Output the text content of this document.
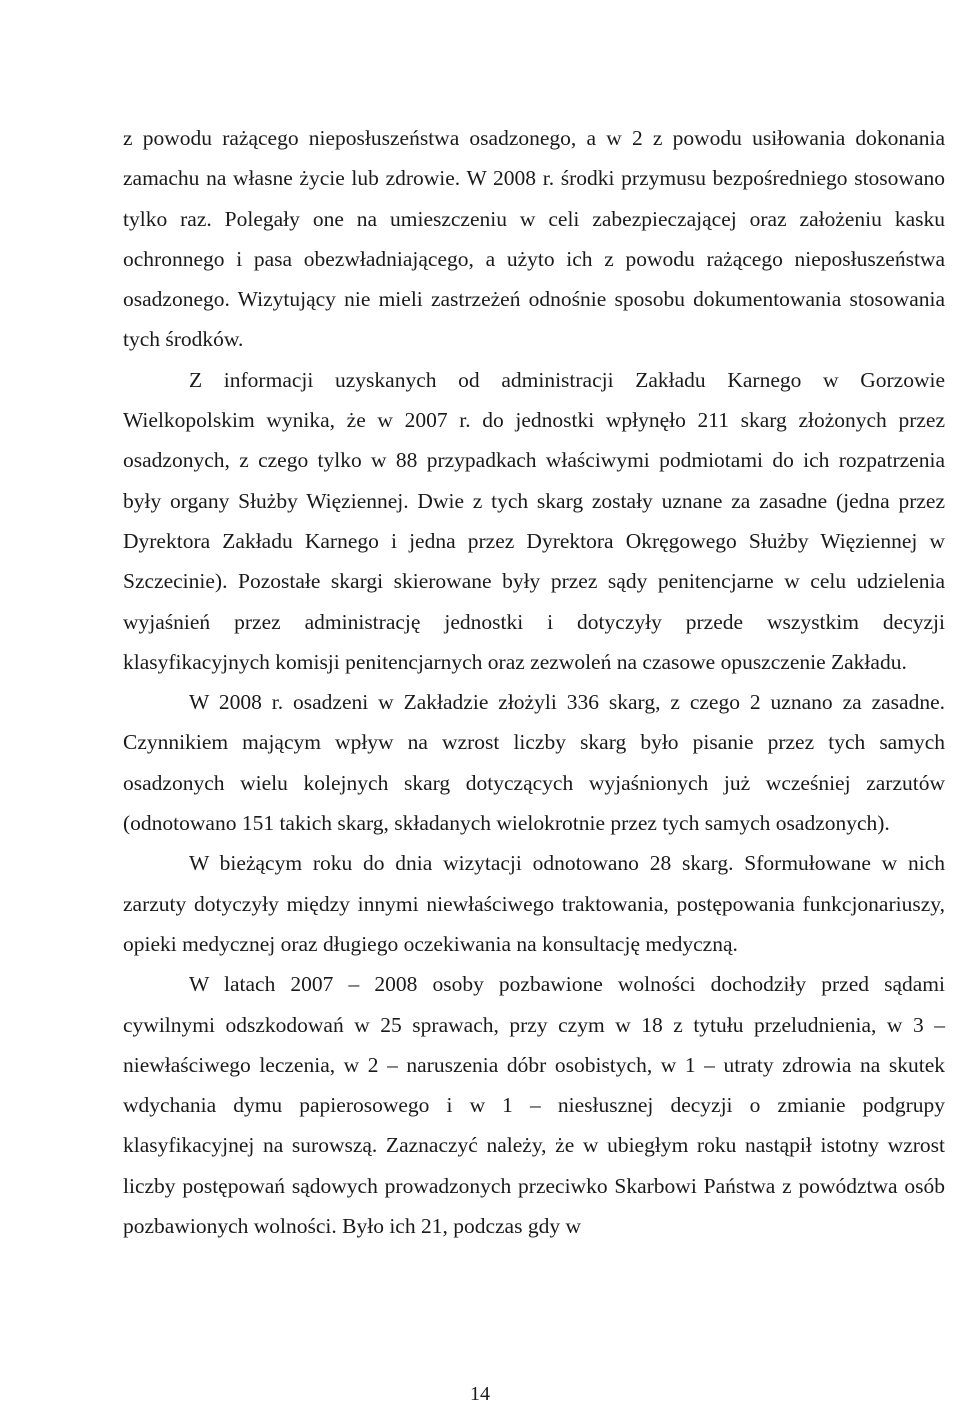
z powodu rażącego nieposłuszeństwa osadzonego, a w 2 z powodu usiłowania dokonania zamachu na własne życie lub zdrowie. W 2008 r. środki przymusu bezpośredniego stosowano tylko raz. Polegały one na umieszczeniu w celi zabezpieczającej oraz założeniu kasku ochronnego i pasa obezwładniającego, a użyto ich z powodu rażącego nieposłuszeństwa osadzonego. Wizytujący nie mieli zastrzeżeń odnośnie sposobu dokumentowania stosowania tych środków.

Z informacji uzyskanych od administracji Zakładu Karnego w Gorzowie Wielkopolskim wynika, że w 2007 r. do jednostki wpłynęło 211 skarg złożonych przez osadzonych, z czego tylko w 88 przypadkach właściwymi podmiotami do ich rozpatrzenia były organy Służby Więziennej. Dwie z tych skarg zostały uznane za zasadne (jedna przez Dyrektora Zakładu Karnego i jedna przez Dyrektora Okręgowego Służby Więziennej w Szczecinie). Pozostałe skargi skierowane były przez sądy penitencjarne w celu udzielenia wyjaśnień przez administrację jednostki i dotyczyły przede wszystkim decyzji klasyfikacyjnych komisji penitencjarnych oraz zezwoleń na czasowe opuszczenie Zakładu.

W 2008 r. osadzeni w Zakładzie złożyli 336 skarg, z czego 2 uznano za zasadne. Czynnikiem mającym wpływ na wzrost liczby skarg było pisanie przez tych samych osadzonych wielu kolejnych skarg dotyczących wyjaśnionych już wcześniej zarzutów (odnotowano 151 takich skarg, składanych wielokrotnie przez tych samych osadzonych).

W bieżącym roku do dnia wizytacji odnotowano 28 skarg. Sformułowane w nich zarzuty dotyczyły między innymi niewłaściwego traktowania, postępowania funkcjonariuszy, opieki medycznej oraz długiego oczekiwania na konsultację medyczną.

W latach 2007 – 2008 osoby pozbawione wolności dochodziły przed sądami cywilnymi odszkodowań w 25 sprawach, przy czym w 18 z tytułu przeludnienia, w 3 – niewłaściwego leczenia, w 2 – naruszenia dóbr osobistych, w 1 – utraty zdrowia na skutek wdychania dymu papierosowego i w 1 – niesłusznej decyzji o zmianie podgrupy klasyfikacyjnej na surowszą. Zaznaczyć należy, że w ubiegłym roku nastąpił istotny wzrost liczby postępowań sądowych prowadzonych przeciwko Skarbowi Państwa z powództwa osób pozbawionych wolności. Było ich 21, podczas gdy w

14
